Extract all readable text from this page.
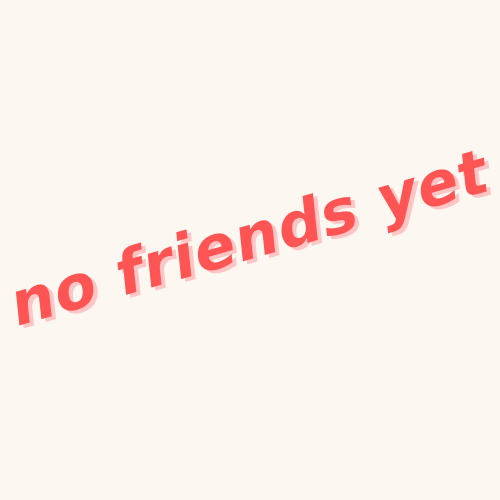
no friends yet
